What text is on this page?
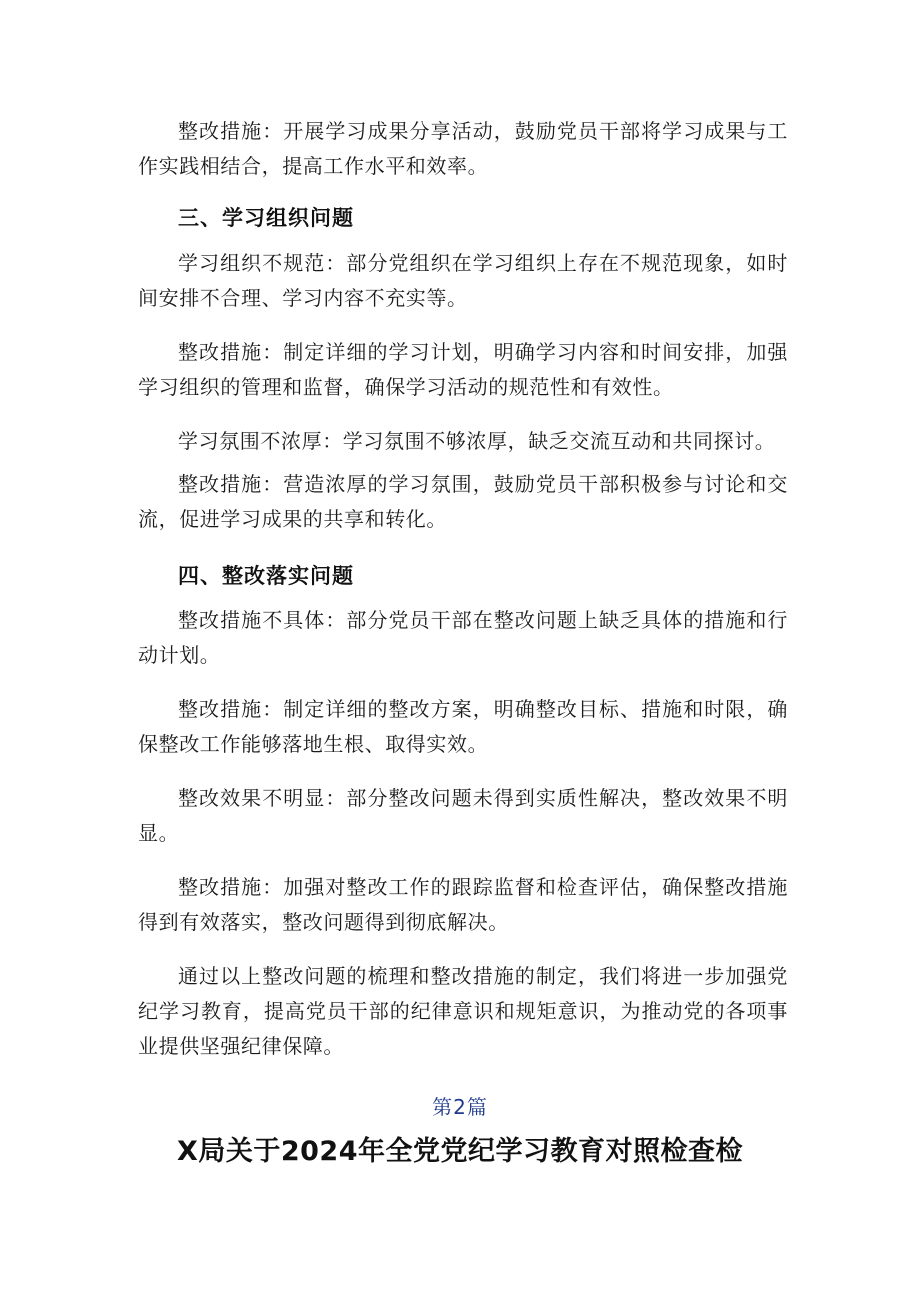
整改措施：开展学习成果分享活动，鼓励党员干部将学习成果与工作实践相结合，提高工作水平和效率。

三、学习组织问题

学习组织不规范：部分党组织在学习组织上存在不规范现象，如时间安排不合理、学习内容不充实等。

整改措施：制定详细的学习计划，明确学习内容和时间安排，加强学习组织的管理和监督，确保学习活动的规范性和有效性。

学习氛围不浓厚：学习氛围不够浓厚，缺乏交流互动和共同探讨。

整改措施：营造浓厚的学习氛围，鼓励党员干部积极参与讨论和交流，促进学习成果的共享和转化。

四、整改落实问题

整改措施不具体：部分党员干部在整改问题上缺乏具体的措施和行动计划。

整改措施：制定详细的整改方案，明确整改目标、措施和时限，确保整改工作能够落地生根、取得实效。

整改效果不明显：部分整改问题未得到实质性解决，整改效果不明显。

整改措施：加强对整改工作的跟踪监督和检查评估，确保整改措施得到有效落实，整改问题得到彻底解决。

通过以上整改问题的梳理和整改措施的制定，我们将进一步加强党纪学习教育，提高党员干部的纪律意识和规矩意识，为推动党的各项事业提供坚强纪律保障。

第2篇
X局关于2024年全党党纪学习教育对照检查检
